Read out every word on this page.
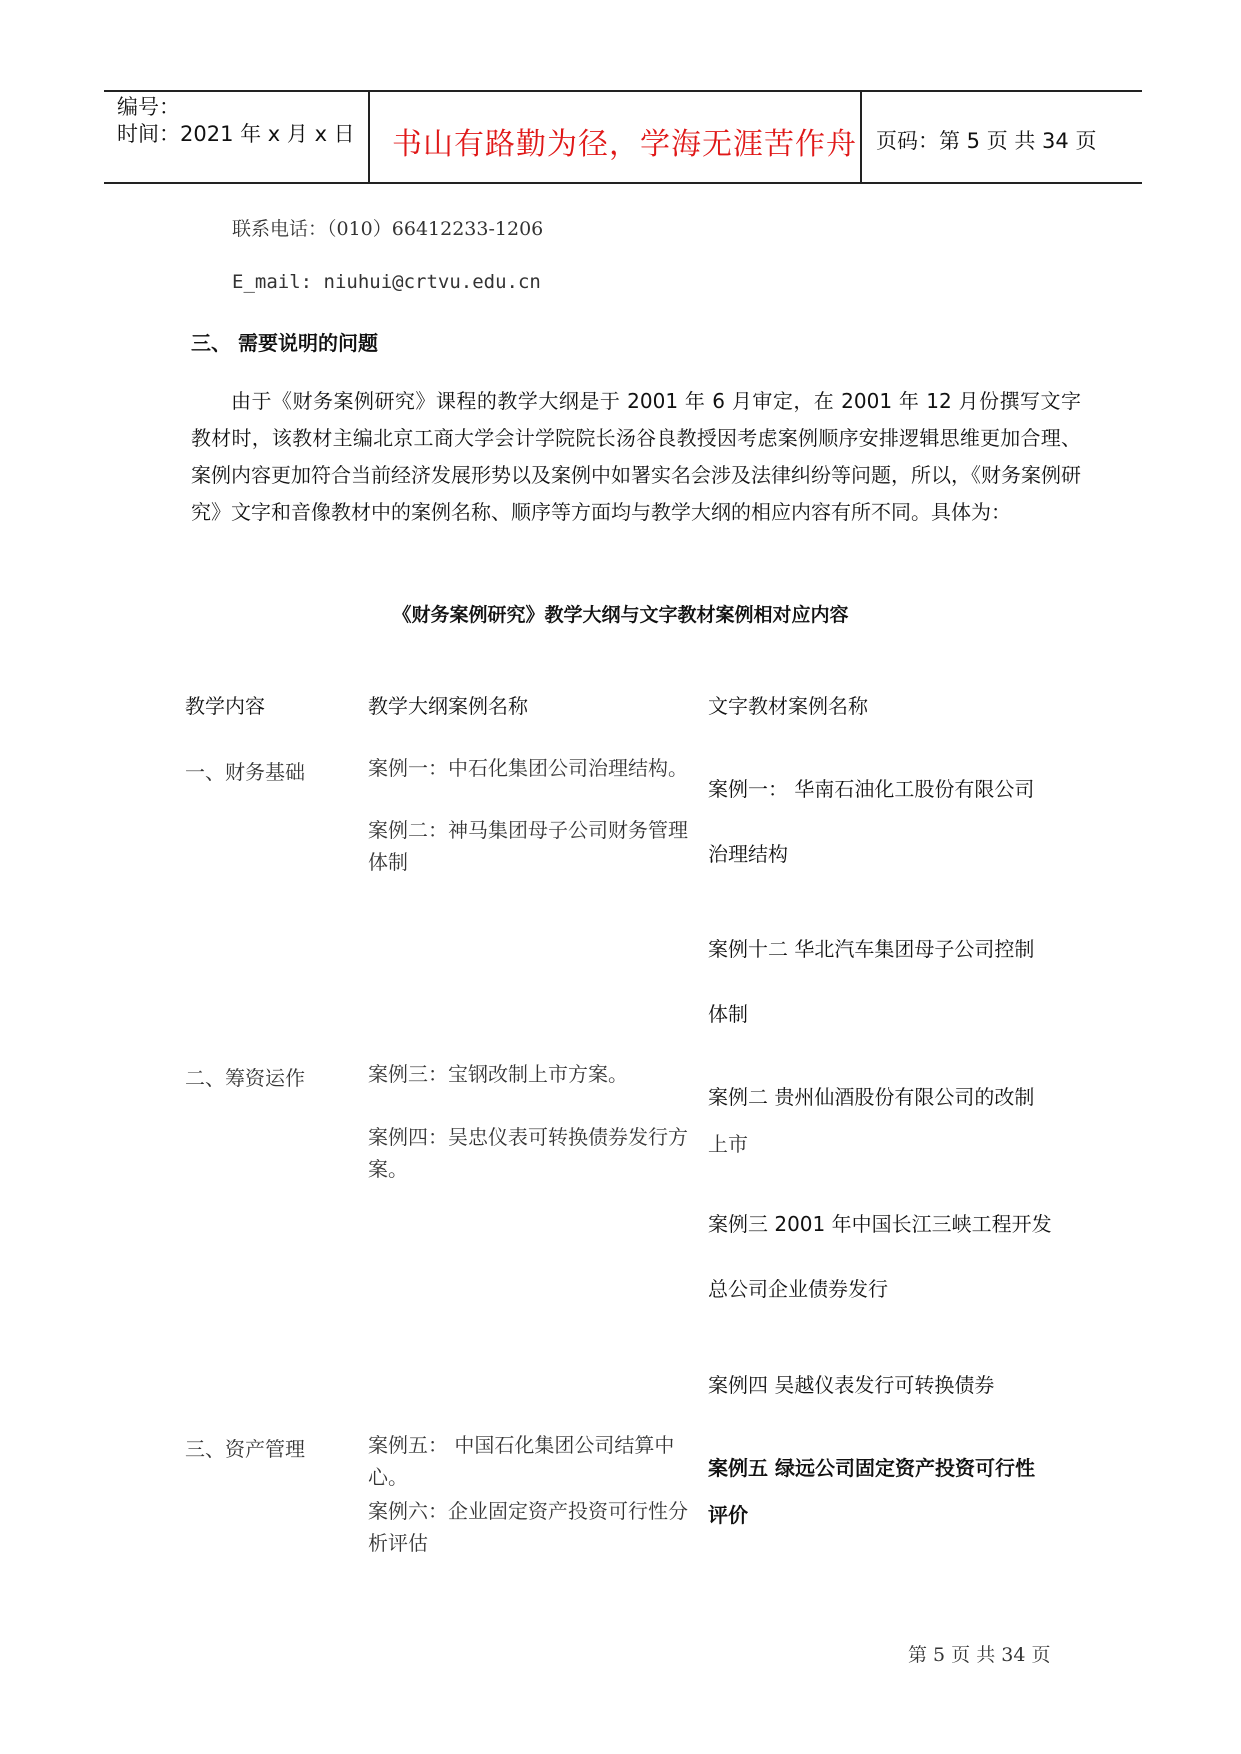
编号：
时间：2021 年 x 月 x 日 书山有路勤为径，学海无涯苦作舟 页码：第 5 页 共 34 页
联系电话：（010）66412233-1206
E_mail: niuhui@crtvu.edu.cn
三、 需要说明的问题
由于《财务案例研究》课程的教学大纲是于 2001 年 6 月审定，在 2001 年 12 月份撰写文字教材时，该教材主编北京工商大学会计学院院长汤谷良教授因考虑案例顺序安排逻辑思维更加合理、案例内容更加符合当前经济发展形势以及案例中如署实名会涉及法律纠纷等问题，所以，《财务案例研究》文字和音像教材中的案例名称、顺序等方面均与教学大纲的相应内容有所不同。具体为：
《财务案例研究》教学大纲与文字教材案例相对应内容
教学内容	教学大纲案例名称	文字教材案例名称
一、财务基础
二、筹资运作
三、资产管理
案例一：中石化集团公司治理结构。
案例二：神马集团母子公司财务管理体制
案例三：宝钢改制上市方案。
案例四：吴忠仪表可转换债券发行方案。
案例五： 中国石化集团公司结算中心。
案例六：企业固定资产投资可行性分析评估
案例一： 华南石油化工股份有限公司
治理结构
案例十二 华北汽车集团母子公司控制
体制
案例二 贵州仙酒股份有限公司的改制
上市
案例三 2001 年中国长江三峡工程开发
总公司企业债券发行
案例四 吴越仪表发行可转换债券
案例五 绿远公司固定资产投资可行性
评价
第 5 页 共 34 页
